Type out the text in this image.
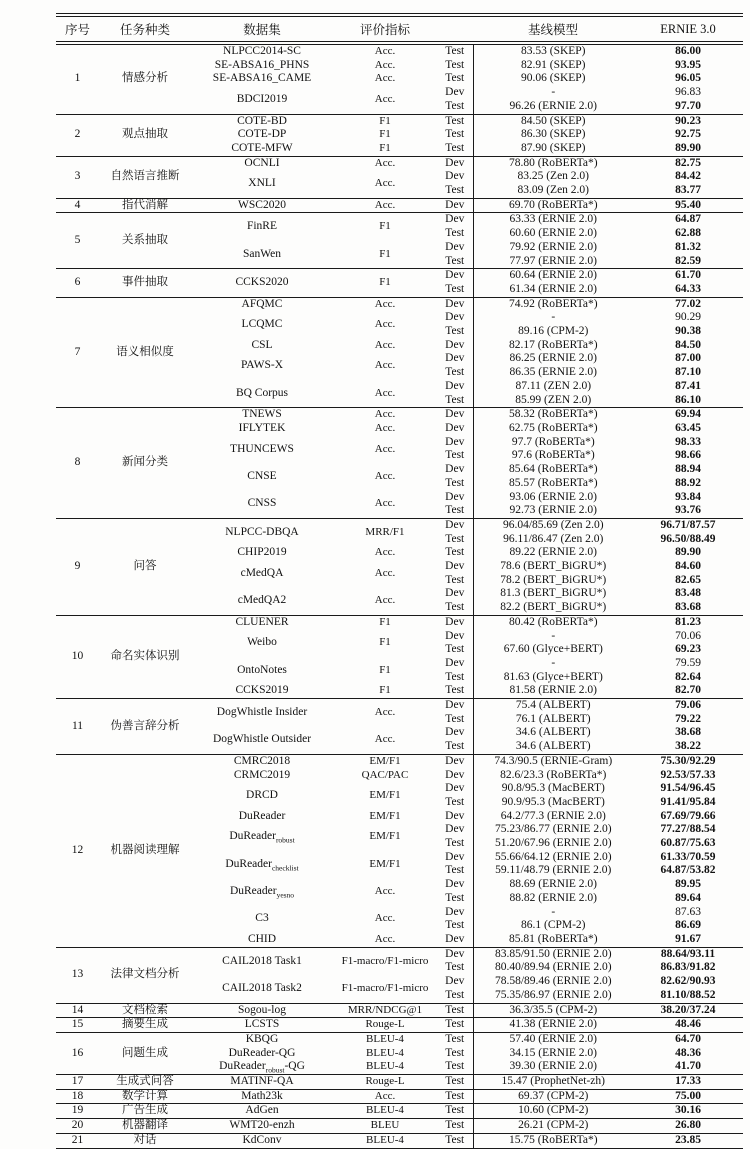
序号	任务种类	数据集	评价指标		基线模型	ERNIE 3.0
1	情感分析	NLPCC2014-SC	Acc.	Test	83.53 (SKEP)	86.00
		SE-ABSA16_PHNS	Acc.	Test	82.91 (SKEP)	93.95
		SE-ABSA16_CAME	Acc.	Test	90.06 (SKEP)	96.05
		BDCI2019	Acc.	Dev	-	96.83
				Test	96.26 (ERNIE 2.0)	97.70
2	观点抽取	COTE-BD	F1	Test	84.50 (SKEP)	90.23
		COTE-DP	F1	Test	86.30 (SKEP)	92.75
		COTE-MFW	F1	Test	87.90 (SKEP)	89.90
3	自然语言推断	OCNLI	Acc.	Dev	78.80 (RoBERTa*)	82.75
		XNLI	Acc.	Dev	83.25 (Zen 2.0)	84.42
				Test	83.09 (Zen 2.0)	83.77
4	指代消解	WSC2020	Acc.	Dev	69.70 (RoBERTa*)	95.40
5	关系抽取	FinRE	F1	Dev	63.33 (ERNIE 2.0)	64.87
				Test	60.60 (ERNIE 2.0)	62.88
		SanWen	F1	Dev	79.92 (ERNIE 2.0)	81.32
				Test	77.97 (ERNIE 2.0)	82.59
6	事件抽取	CCKS2020	F1	Dev	60.64 (ERNIE 2.0)	61.70
				Test	61.34 (ERNIE 2.0)	64.33
7	语义相似度	AFQMC	Acc.	Dev	74.92 (RoBERTa*)	77.02
		LCQMC	Acc.	Dev	-	90.29
				Test	89.16 (CPM-2)	90.38
		CSL	Acc.	Dev	82.17 (RoBERTa*)	84.50
		PAWS-X	Acc.	Dev	86.25 (ERNIE 2.0)	87.00
				Test	86.35 (ERNIE 2.0)	87.10
		BQ Corpus	Acc.	Dev	87.11 (ZEN 2.0)	87.41
				Test	85.99 (ZEN 2.0)	86.10
8	新闻分类	TNEWS	Acc.	Dev	58.32 (RoBERTa*)	69.94
		IFLYTEK	Acc.	Dev	62.75 (RoBERTa*)	63.45
		THUNCEWS	Acc.	Dev	97.7 (RoBERTa*)	98.33
				Test	97.6 (RoBERTa*)	98.66
		CNSE	Acc.	Dev	85.64 (RoBERTa*)	88.94
				Test	85.57 (RoBERTa*)	88.92
		CNSS	Acc.	Dev	93.06 (ERNIE 2.0)	93.84
				Test	92.73 (ERNIE 2.0)	93.76
9	问答	NLPCC-DBQA	MRR/F1	Dev	96.04/85.69 (Zen 2.0)	96.71/87.57
				Test	96.11/86.47 (Zen 2.0)	96.50/88.49
		CHIP2019	Acc.	Test	89.22 (ERNIE 2.0)	89.90
		cMedQA	Acc.	Dev	78.6 (BERT_BiGRU*)	84.60
				Test	78.2 (BERT_BiGRU*)	82.65
		cMedQA2	Acc.	Dev	81.3 (BERT_BiGRU*)	83.48
				Test	82.2 (BERT_BiGRU*)	83.68
10	命名实体识别	CLUENER	F1	Dev	80.42 (RoBERTa*)	81.23
		Weibo	F1	Dev	-	70.06
				Test	67.60 (Glyce+BERT)	69.23
		OntoNotes	F1	Dev	-	79.59
				Test	81.63 (Glyce+BERT)	82.64
		CCKS2019	F1	Test	81.58 (ERNIE 2.0)	82.70
11	伪善言辞分析	DogWhistle Insider	Acc.	Dev	75.4 (ALBERT)	79.06
				Test	76.1 (ALBERT)	79.22
		DogWhistle Outsider	Acc.	Dev	34.6 (ALBERT)	38.68
				Test	34.6 (ALBERT)	38.22
12	机器阅读理解	CMRC2018	EM/F1	Dev	74.3/90.5 (ERNIE-Gram)	75.30/92.29
		CRMC2019	QAC/PAC	Dev	82.6/23.3 (RoBERTa*)	92.53/57.33
		DRCD	EM/F1	Dev	90.8/95.3 (MacBERT)	91.54/96.45
				Test	90.9/95.3 (MacBERT)	91.41/95.84
		DuReader	EM/F1	Dev	64.2/77.3 (ERNIE 2.0)	67.69/79.66
		DuReader$_{robust}$	EM/F1	Dev	75.23/86.77 (ERNIE 2.0)	77.27/88.54
				Test	51.20/67.96 (ERNIE 2.0)	60.87/75.63
		DuReader$_{checklist}$	EM/F1	Dev	55.66/64.12 (ERNIE 2.0)	61.33/70.59
				Test	59.11/48.79 (ERNIE 2.0)	64.87/53.82
		DuReader$_{yesno}$	Acc.	Dev	88.69 (ERNIE 2.0)	89.95
				Test	88.82 (ERNIE 2.0)	89.64
		C3	Acc.	Dev	-	87.63
				Test	86.1 (CPM-2)	86.69
		CHID	Acc.	Dev	85.81 (RoBERTa*)	91.67
13	法律文档分析	CAIL2018 Task1	F1-macro/F1-micro	Dev	83.85/91.50 (ERNIE 2.0)	88.64/93.11
				Test	80.40/89.94 (ERNIE 2.0)	86.83/91.82
		CAIL2018 Task2	F1-macro/F1-micro	Dev	78.58/89.46 (ERNIE 2.0)	82.62/90.93
				Test	75.35/86.97 (ERNIE 2.0)	81.10/88.52
14	文档检索	Sogou-log	MRR/NDCG@1	Test	36.3/35.5 (CPM-2)	38.20/37.24
15	摘要生成	LCSTS	Rouge-L	Test	41.38 (ERNIE 2.0)	48.46
16	问题生成	KBQG	BLEU-4	Test	57.40 (ERNIE 2.0)	64.70
		DuReader-QG	BLEU-4	Test	34.15 (ERNIE 2.0)	48.36
		DuReader$_{robust}$-QG	BLEU-4	Test	39.30 (ERNIE 2.0)	41.70
17	生成式问答	MATINF-QA	Rouge-L	Test	15.47 (ProphetNet-zh)	17.33
18	数学计算	Math23k	Acc.	Test	69.37 (CPM-2)	75.00
19	广告生成	AdGen	BLEU-4	Test	10.60 (CPM-2)	30.16
20	机器翻译	WMT20-enzh	BLEU	Test	26.21 (CPM-2)	26.80
21	对话	KdConv	BLEU-4	Test	15.75 (RoBERTa*)	23.85
